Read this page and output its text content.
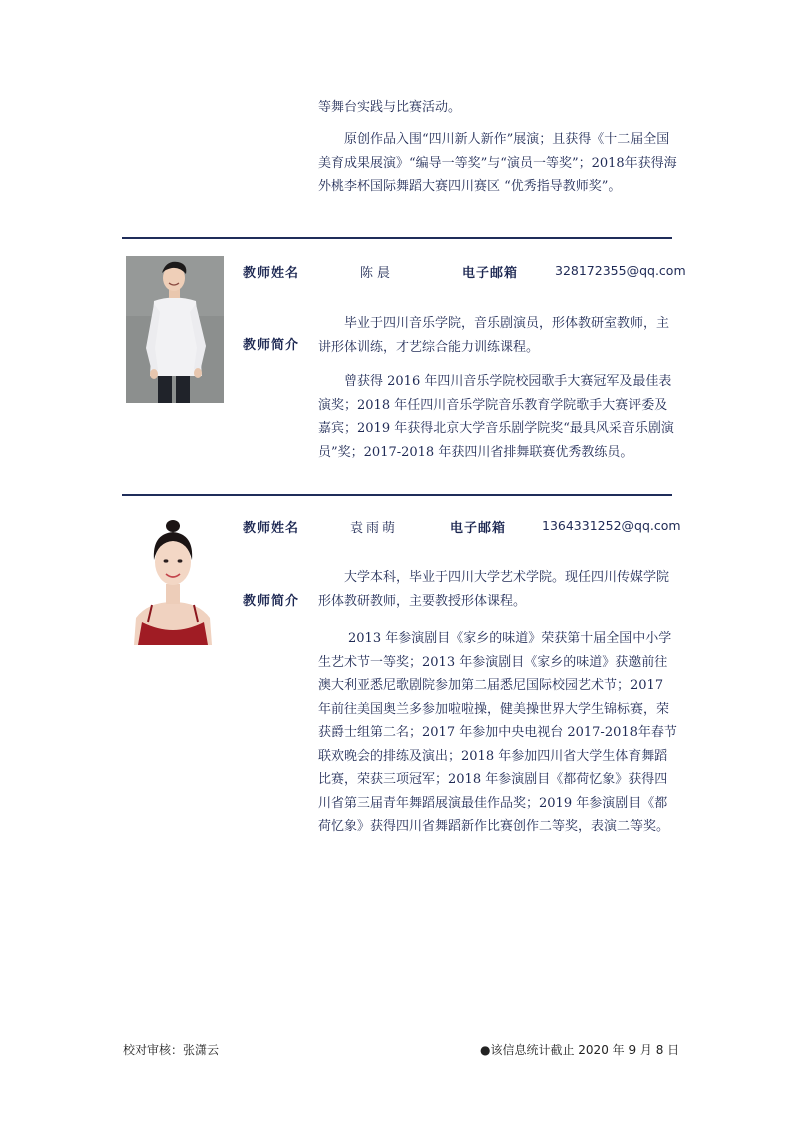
等舞台实践与比赛活动。

原创作品入围“四川新人新作”展演；且获得《十二届全国美育成果展演》“编导一等奖”与“演员一等奖”；2018年获得海外桃李杯国际舞蹈大赛四川赛区 “优秀指导教师奖”。

教师姓名	陈晨	电子邮箱	328172355@qq.com
教师简介

毕业于四川音乐学院，音乐剧演员，形体教研室教师，主讲形体训练，才艺综合能力训练课程。

曾获得 2016 年四川音乐学院校园歌手大赛冠军及最佳表演奖；2018 年任四川音乐学院音乐教育学院歌手大赛评委及嘉宾；2019 年获得北京大学音乐剧学院奖“最具风采音乐剧演员”奖；2017-2018 年获四川省排舞联赛优秀教练员。

教师姓名	袁雨萌	电子邮箱	1364331252@qq.com
教师简介

大学本科，毕业于四川大学艺术学院。现任四川传媒学院形体教研教师，主要教授形体课程。

2013 年参演剧目《家乡的味道》荣获第十届全国中小学生艺术节一等奖；2013 年参演剧目《家乡的味道》获邀前往澳大利亚悉尼歌剧院参加第二届悉尼国际校园艺术节；2017 年前往美国奥兰多参加啦啦操，健美操世界大学生锦标赛，荣获爵士组第二名；2017 年参加中央电视台 2017-2018年春节联欢晚会的排练及演出；2018 年参加四川省大学生体育舞蹈比赛，荣获三项冠军；2018 年参演剧目《都荷忆象》获得四川省第三届青年舞蹈展演最佳作品奖；2019 年参演剧目《都荷忆象》获得四川省舞蹈新作比赛创作二等奖，表演二等奖。

校对审核：张潇云	●该信息统计截止 2020 年 9 月 8 日
